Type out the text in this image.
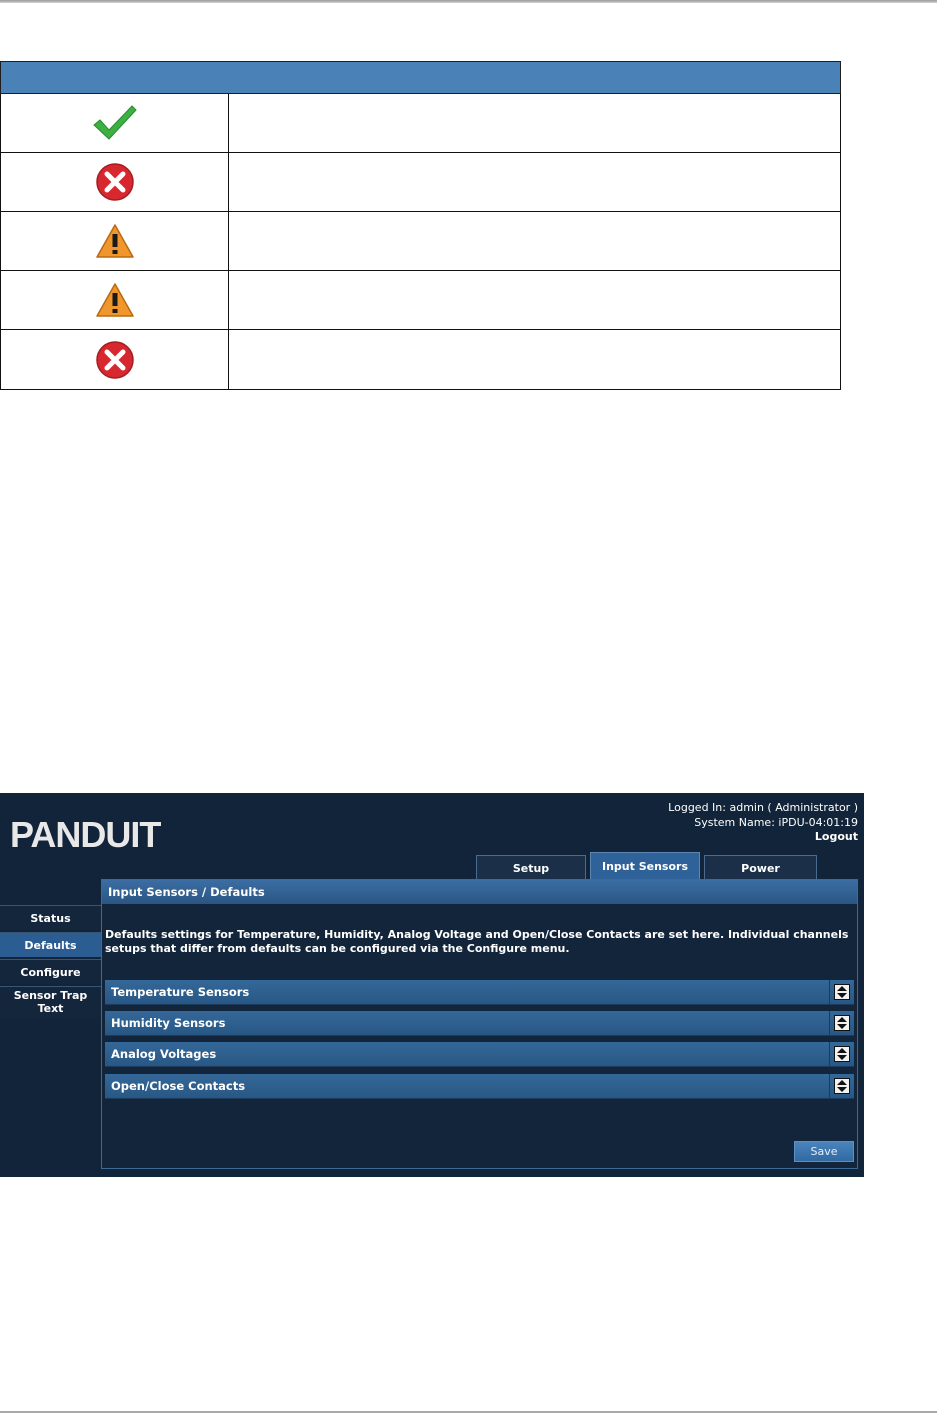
PANDUIT
Logged In: admin ( Administrator )
System Name: iPDU-04:01:19
Logout
Setup	Input Sensors	Power
Status
Defaults
Configure
Sensor Trap Text
Input Sensors / Defaults
Defaults settings for Temperature, Humidity, Analog Voltage and Open/Close Contacts are set here. Individual channels setups that differ from defaults can be configured via the Configure menu.
Temperature Sensors
Humidity Sensors
Analog Voltages
Open/Close Contacts
Save
